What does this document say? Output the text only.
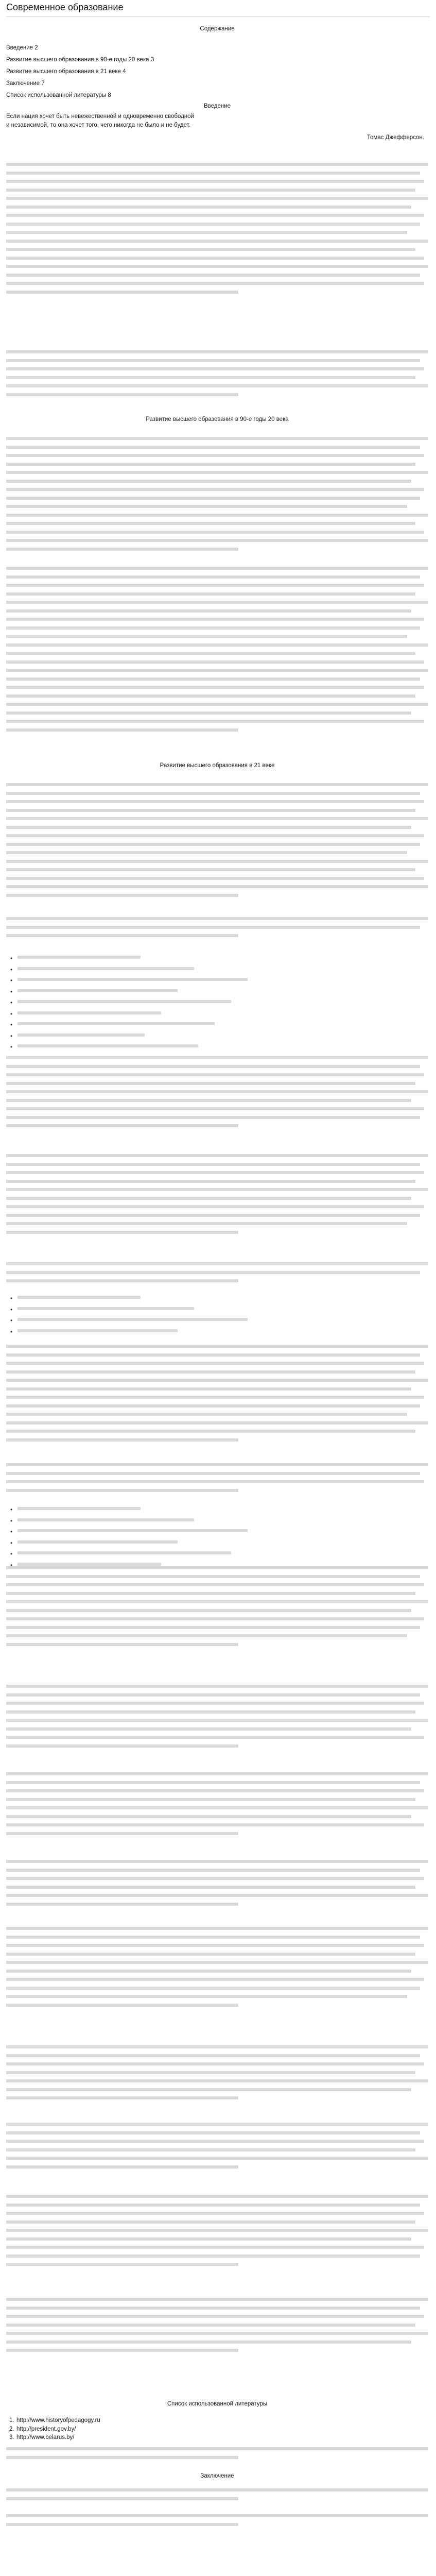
Современное образование

Содержание

Введение 2

Развитие высшего образования в 90-е годы 20 века 3

Развитие высшего образования в 21 веке 4

Заключение 7

Список использованной литературы 8

Введение

Если нация хочет быть невежественной и одновременно свободной

и независимой, то она хочет того, чего никогда не было и не будет.

Томас Джефферсон.

Развитие высшего образования в 90-е годы 20 века

Развитие высшего образования в 21 веке

•
•
•
•
•
•
•
•
•
•
•
•
•
•
•
•
•
•
•

Список использованной литературы

1. http://www.historyofpedagogy.ru
2. http://president.gov.by/
3. http://www.belarus.by/

Заключение
